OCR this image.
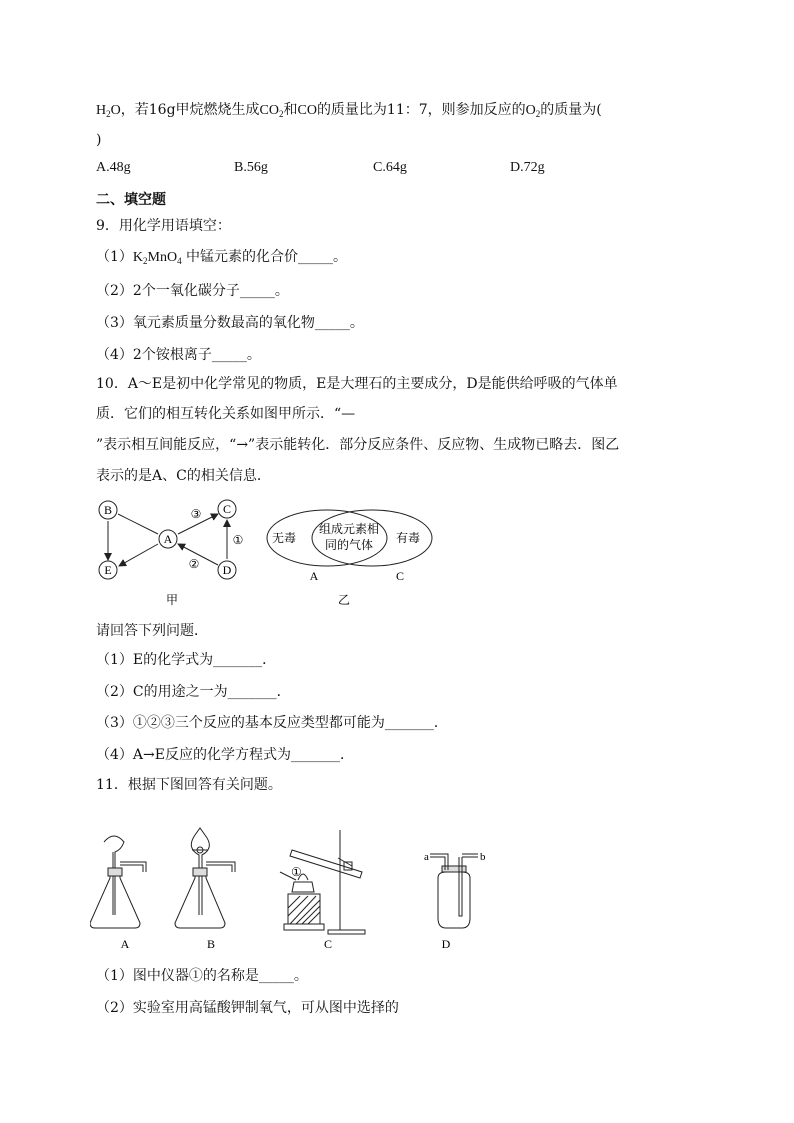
$H_2O$，若16g甲烷燃烧生成$CO_2$和CO的质量比为11：7，则参加反应的$O_2$的质量为(
)
A.48g	B.56g	C.64g	D.72g
二、填空题
9．用化学用语填空：
$(1)K_2MnO_4$ 中锰元素的化合价_____。
（2）2个一氧化碳分子_____。
（3）氧元素质量分数最高的氧化物_____。
（4）2个铵根离子_____。
10．A～E是初中化学常见的物质，E是大理石的主要成分，D是能供给呼吸的气体单
质．它们的相互转化关系如图甲所示．“—
”表示相互间能反应，“→”表示能转化．部分反应条件、反应物、生成物已略去．图乙
表示的是A、C的相关信息．
B	C
A
E	D
③
①
②
甲
无毒
组成元素相
同的气体 有毒
A	C
乙
请回答下列问题．
（1）E的化学式为_______．
（2）C的用途之一为_______．
（3）①②③三个反应的基本反应类型都可能为_______．
（4）A→E反应的化学方程式为_______．
11．根据下图回答有关问题。
①
a	b
A	B	C	D
（1）图中仪器①的名称是_____。
（2）实验室用高锰酸钾制氧气，可从图中选择的
